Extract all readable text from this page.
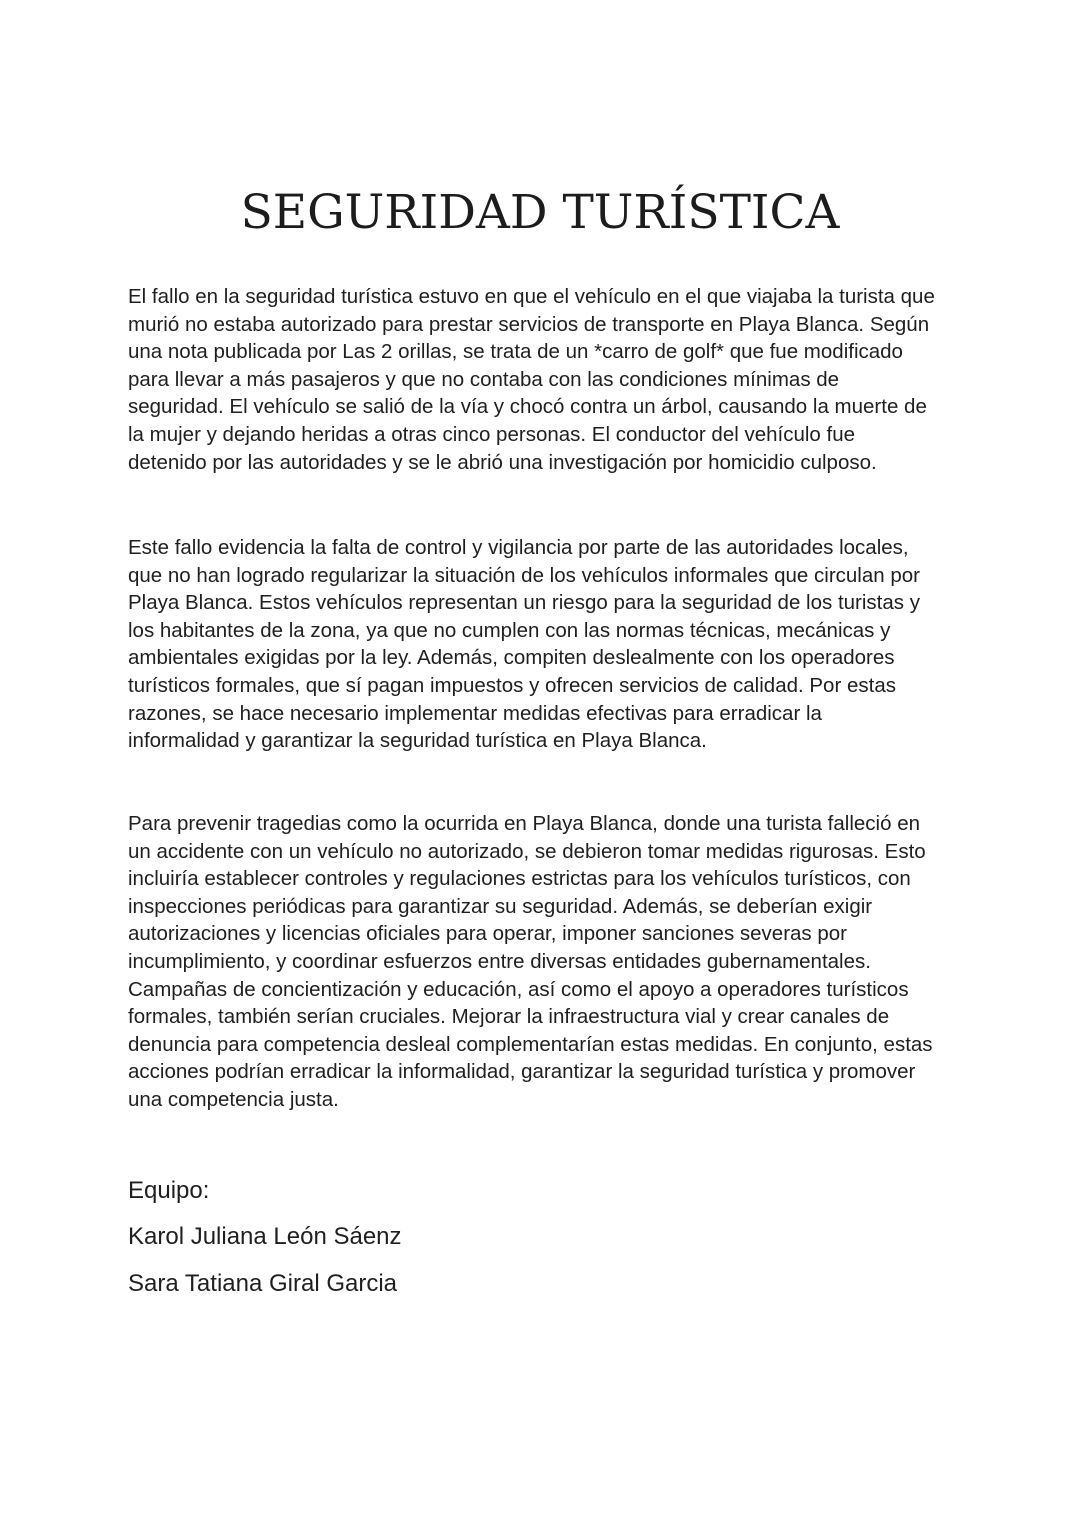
SEGURIDAD TURÍSTICA
El fallo en la seguridad turística estuvo en que el vehículo en el que viajaba la turista que
murió no estaba autorizado para prestar servicios de transporte en Playa Blanca. Según
una nota publicada por Las 2 orillas, se trata de un *carro de golf* que fue modificado
para llevar a más pasajeros y que no contaba con las condiciones mínimas de
seguridad. El vehículo se salió de la vía y chocó contra un árbol, causando la muerte de
la mujer y dejando heridas a otras cinco personas. El conductor del vehículo fue
detenido por las autoridades y se le abrió una investigación por homicidio culposo.
Este fallo evidencia la falta de control y vigilancia por parte de las autoridades locales,
que no han logrado regularizar la situación de los vehículos informales que circulan por
Playa Blanca. Estos vehículos representan un riesgo para la seguridad de los turistas y
los habitantes de la zona, ya que no cumplen con las normas técnicas, mecánicas y
ambientales exigidas por la ley. Además, compiten deslealmente con los operadores
turísticos formales, que sí pagan impuestos y ofrecen servicios de calidad. Por estas
razones, se hace necesario implementar medidas efectivas para erradicar la
informalidad y garantizar la seguridad turística en Playa Blanca.
Para prevenir tragedias como la ocurrida en Playa Blanca, donde una turista falleció en
un accidente con un vehículo no autorizado, se debieron tomar medidas rigurosas. Esto
incluiría establecer controles y regulaciones estrictas para los vehículos turísticos, con
inspecciones periódicas para garantizar su seguridad. Además, se deberían exigir
autorizaciones y licencias oficiales para operar, imponer sanciones severas por
incumplimiento, y coordinar esfuerzos entre diversas entidades gubernamentales.
Campañas de concientización y educación, así como el apoyo a operadores turísticos
formales, también serían cruciales. Mejorar la infraestructura vial y crear canales de
denuncia para competencia desleal complementarían estas medidas. En conjunto, estas
acciones podrían erradicar la informalidad, garantizar la seguridad turística y promover
una competencia justa.

Equipo:

Karol Juliana León Sáenz

Sara Tatiana Giral Garcia
